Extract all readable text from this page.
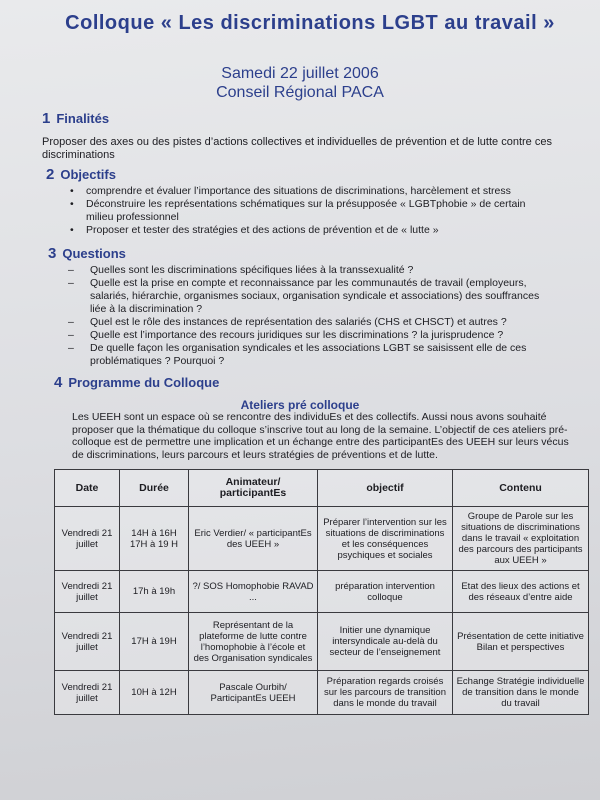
Colloque « Les discriminations LGBT au travail »
Samedi 22 juillet 2006
Conseil Régional PACA
1 Finalités
Proposer des axes ou des pistes d’actions collectives et individuelles de prévention et de lutte contre ces discriminations
2 Objectifs
• comprendre et évaluer l’importance des situations de discriminations, harcèlement et stress
• Déconstruire les représentations schématiques sur la présupposée « LGBTphobie » de certain milieu professionnel
• Proposer et tester des stratégies et des actions de prévention et de « lutte »
3 Questions
– Quelles sont les discriminations spécifiques liées à la transsexualité ?
– Quelle est la prise en compte et reconnaissance par les communautés de travail (employeurs, salariés, hiérarchie, organismes sociaux, organisation syndicale et associations) des souffrances liée à la discrimination ?
– Quel est le rôle des instances de représentation des salariés (CHS et CHSCT) et autres ?
– Quelle est l’importance des recours juridiques sur les discriminations ? la jurisprudence ?
– De quelle façon les organisation syndicales et les associations LGBT se saisissent elle de ces problématiques ? Pourquoi ?
4 Programme du Colloque
Ateliers pré colloque
Les UEEH sont un espace où se rencontre des individuEs et des collectifs. Aussi nous avons souhaité proposer que la thématique du colloque s’inscrive tout au long de la semaine. L’objectif de ces ateliers pré-colloque est de permettre une implication et un échange entre des participantEs des UEEH sur leurs vécus de discriminations, leurs parcours et leurs stratégies de préventions et de lutte.
Date	Durée	Animateur/ participantEs	objectif	Contenu
Vendredi 21 juillet	14H à 16H 17H à 19 H	Eric Verdier/ « participantEs des UEEH »	Préparer l’intervention sur les situations de discriminations et les conséquences psychiques et sociales	Groupe de Parole sur les situations de discriminations dans le travail « exploitation des parcours des participants aux UEEH »
Vendredi 21 juillet	17h à 19h	?/ SOS Homophobie RAVAD ...	préparation intervention colloque	Etat des lieux des actions et des réseaux d’entre aide
Vendredi 21 juillet	17H à 19H	Représentant de la plateforme de lutte contre l’homophobie à l’école et des Organisation syndicales	Initier une dynamique intersyndicale au-delà du secteur de l’enseignement	Présentation de cette initiative Bilan et perspectives
Vendredi 21 juillet	10H à 12H	Pascale Ourbih/ ParticipantEs UEEH	Préparation regards croisés sur les parcours de transition dans le monde du travail	Echange Stratégie individuelle de transition dans le monde du travail
